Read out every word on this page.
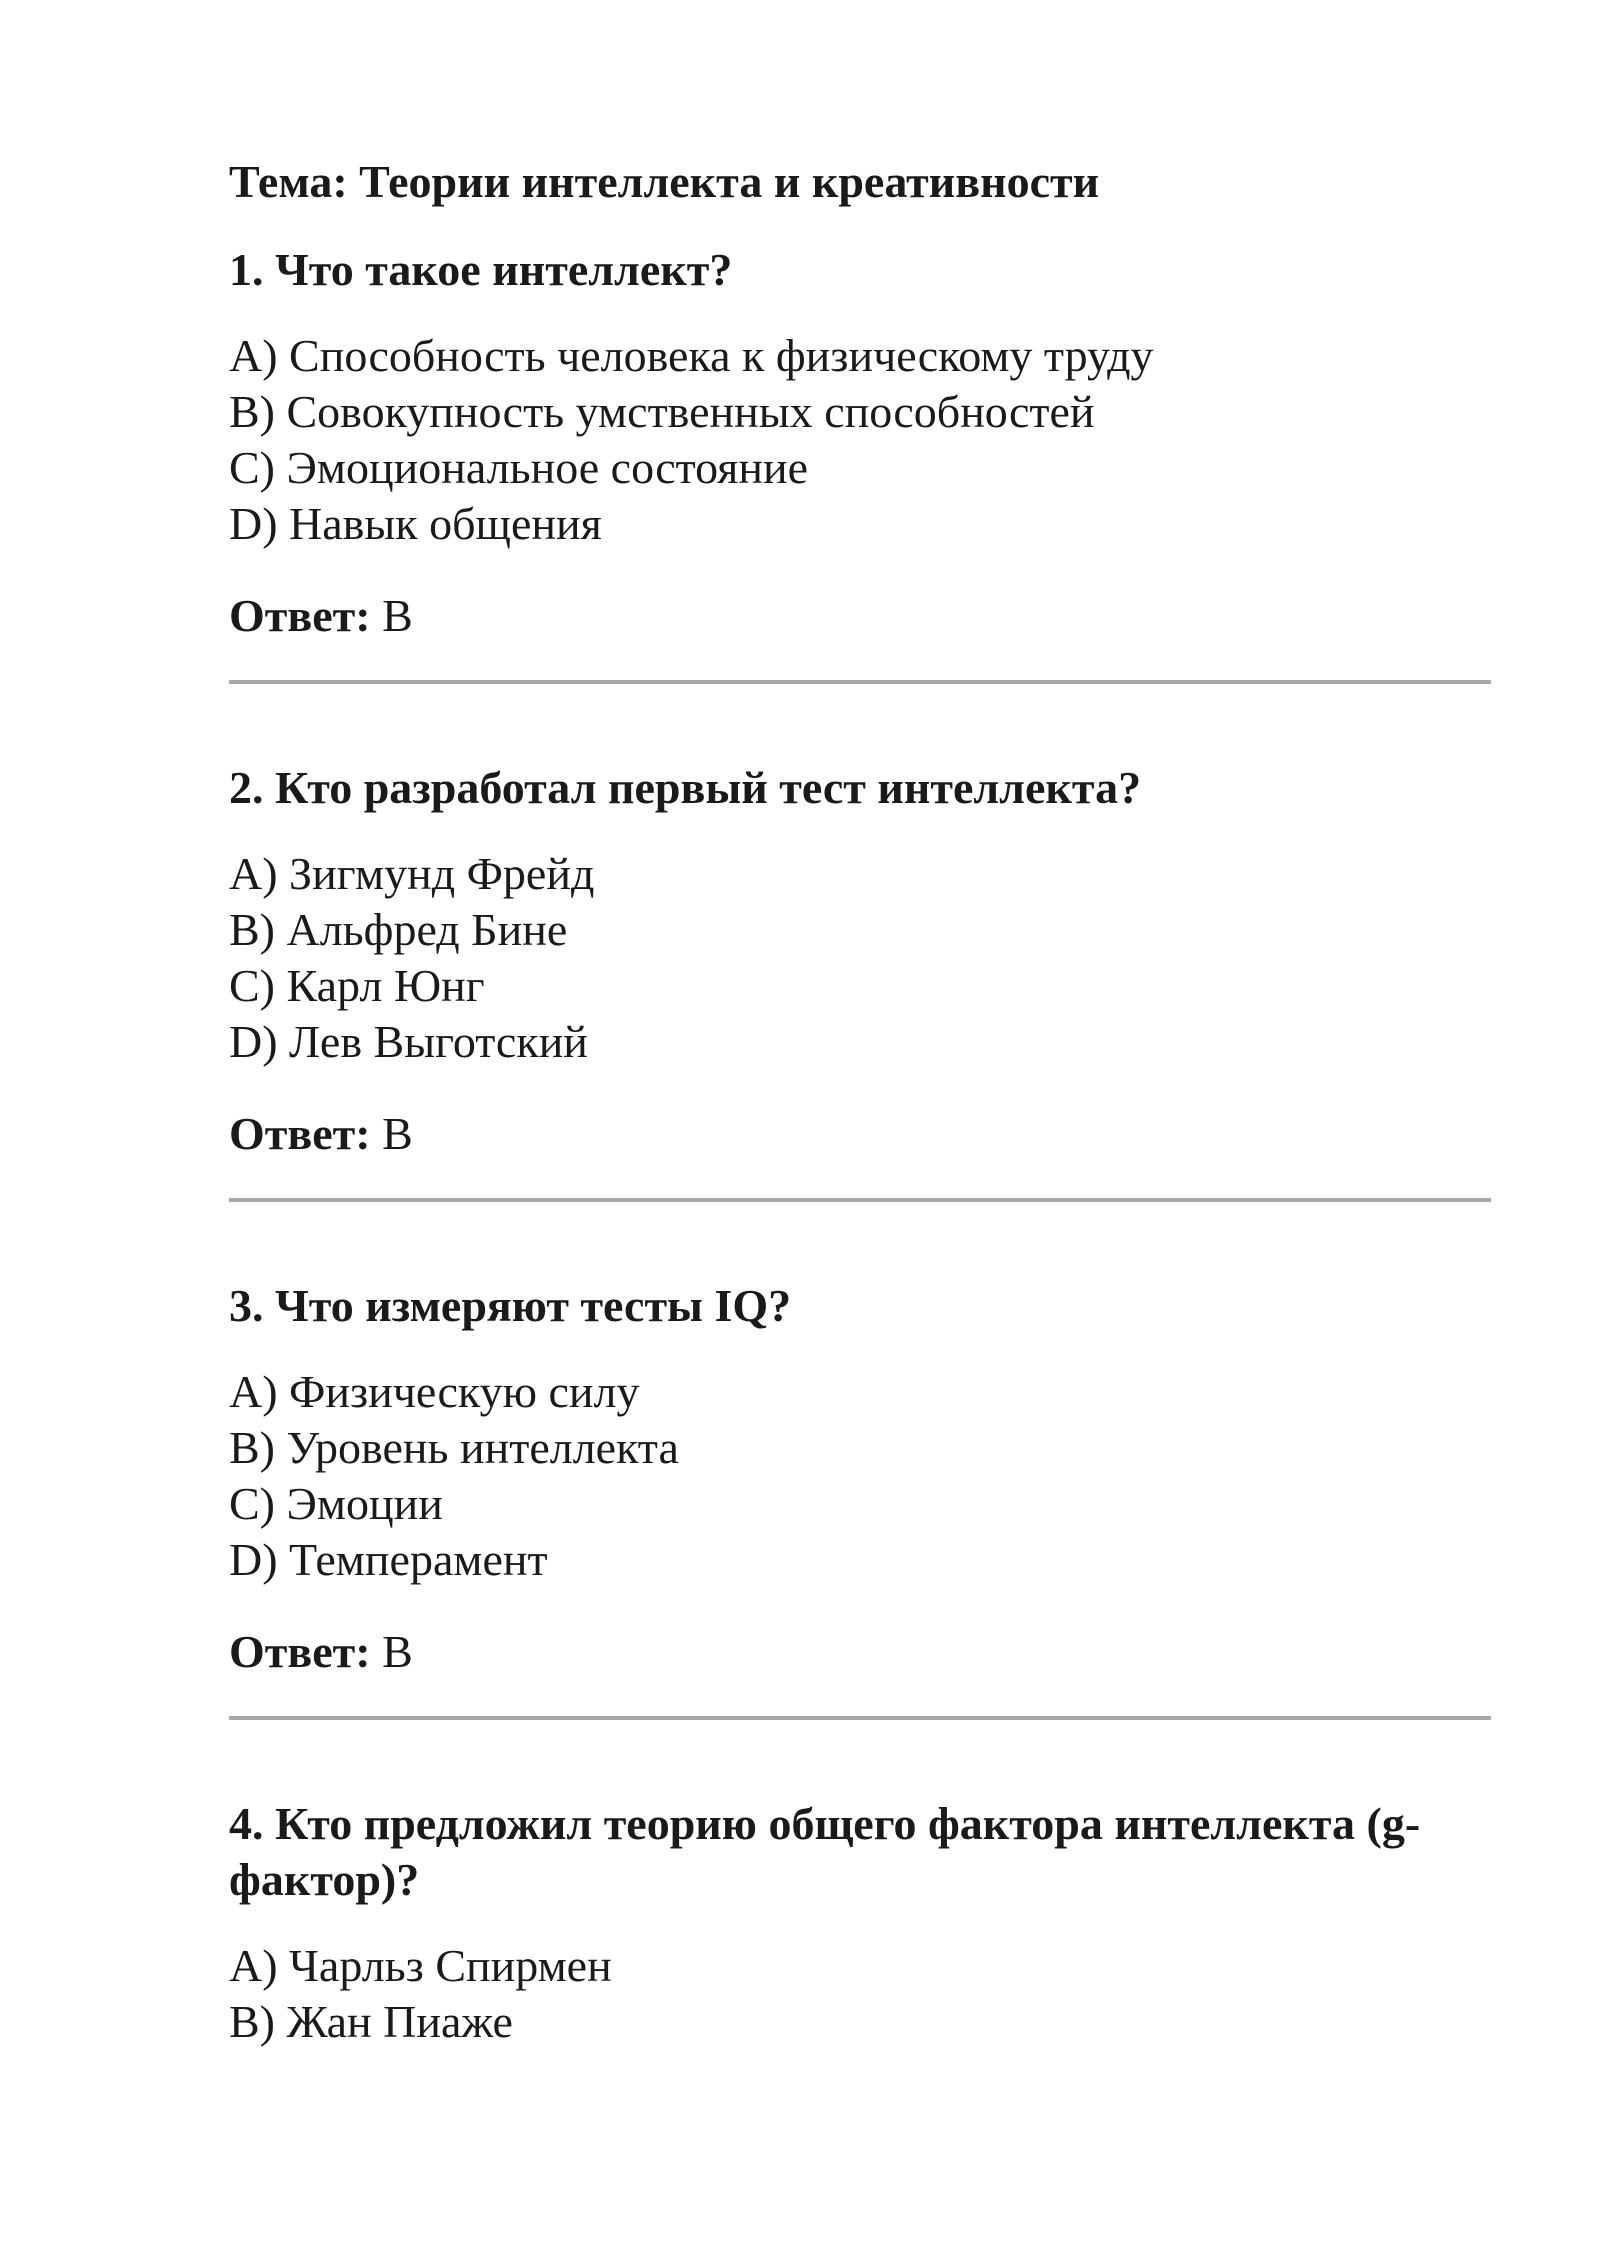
Тема: Теории интеллекта и креативности
1. Что такое интеллект?
A) Способность человека к физическому труду
B) Совокупность умственных способностей
C) Эмоциональное состояние
D) Навык общения
Ответ: B
2. Кто разработал первый тест интеллекта?
A) Зигмунд Фрейд
B) Альфред Бине
C) Карл Юнг
D) Лев Выготский
Ответ: B
3. Что измеряют тесты IQ?
A) Физическую силу
B) Уровень интеллекта
C) Эмоции
D) Темперамент
Ответ: B
4. Кто предложил теорию общего фактора интеллекта (g-фактор)?
A) Чарльз Спирмен
B) Жан Пиаже
